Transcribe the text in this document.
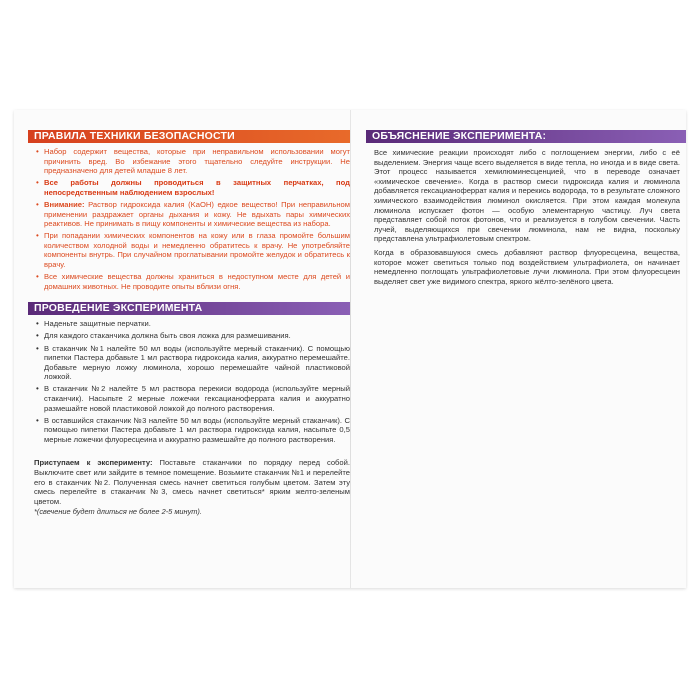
ПРАВИЛА ТЕХНИКИ БЕЗОПАСНОСТИ
• Набор содержит вещества, которые при неправильном использовании могут причинить вред. Во избежание этого тщательно следуйте инструкции. Не предназначено для детей младше 8 лет.
• Все работы должны проводиться в защитных перчатках, под непосредственным наблюдением взрослых!
• Внимание: Раствор гидроксида калия (KaOH) едкое вещество! При неправильном применении раздражает органы дыхания и кожу. Не вдыхать пары химических реактивов. Не принимать в пищу компоненты и химические вещества из набора.
• При попадании химических компонентов на кожу или в глаза промойте большим количеством холодной воды и немедленно обратитесь к врачу. Не употребляйте компоненты внутрь. При случайном проглатывании промойте желудок и обратитесь к врачу.
• Все химические вещества должны храниться в недоступном месте для детей и домашних животных. Не проводите опыты вблизи огня.
ПРОВЕДЕНИЕ ЭКСПЕРИМЕНТА
• Наденьте защитные перчатки.
• Для каждого стаканчика должна быть своя ложка для размешивания.
• В стаканчик №1 налейте 50 мл воды (используйте мерный стаканчик). С помощью пипетки Пастера добавьте 1 мл раствора гидроксида калия, аккуратно перемешайте. Добавьте мерную ложку люминола, хорошо перемешайте чайной пластиковой ложкой.
• В стаканчик №2 налейте 5 мл раствора перекиси водорода (используйте мерный стаканчик). Насыпьте 2 мерные ложечки гексацианоферрата калия и аккуратно размешайте новой пластиковой ложкой до полного растворения.
• В оставшийся стаканчик №3 налейте 50 мл воды (используйте мерный стаканчик). С помощью пипетки Пастера добавьте 1 мл раствора гидроксида калия, насыпьте 0,5 мерные ложечки флуоресцеина и аккуратно размешайте до полного растворения.

Приступаем к эксперименту: Поставьте стаканчики по порядку перед собой. Выключите свет или зайдите в темное помещение. Возьмите стаканчик №1 и перелейте его в стаканчик №2. Полученная смесь начнет светиться голубым цветом. Затем эту смесь перелейте в стаканчик №3, смесь начнет светиться* ярким желто-зеленым цветом.

*(свечение будет длиться не более 2-5 минут).
ОБЪЯСНЕНИЕ ЭКСПЕРИМЕНТА:

Все химические реакции происходят либо с поглощением энергии, либо с её выделением. Энергия чаще всего выделяется в виде тепла, но иногда и в виде света. Этот процесс называется хемилюминесценцией, что в переводе означает «химическое свечение». Когда в раствор смеси гидроксида калия и люминола добавляется гексацианоферрат калия и перекись водорода, то в результате сложного химического взаимодействия люминол окисляется. При этом каждая молекула люминола испускает фотон — особую элементарную частицу. Луч света представляет собой поток фотонов, что и реализуется в голубом свечении. Часть лучей, выделяющихся при свечении люминола, нам не видна, поскольку представлена ультрафиолетовым спектром.

Когда в образовавшуюся смесь добавляют раствор флуоресцеина, вещества, которое может светиться только под воздействием ультрафиолета, он начинает немедленно поглощать ультрафиолетовые лучи люминола. При этом флуоресцеин выделяет свет уже видимого спектра, яркого жёлто-зелёного цвета.
